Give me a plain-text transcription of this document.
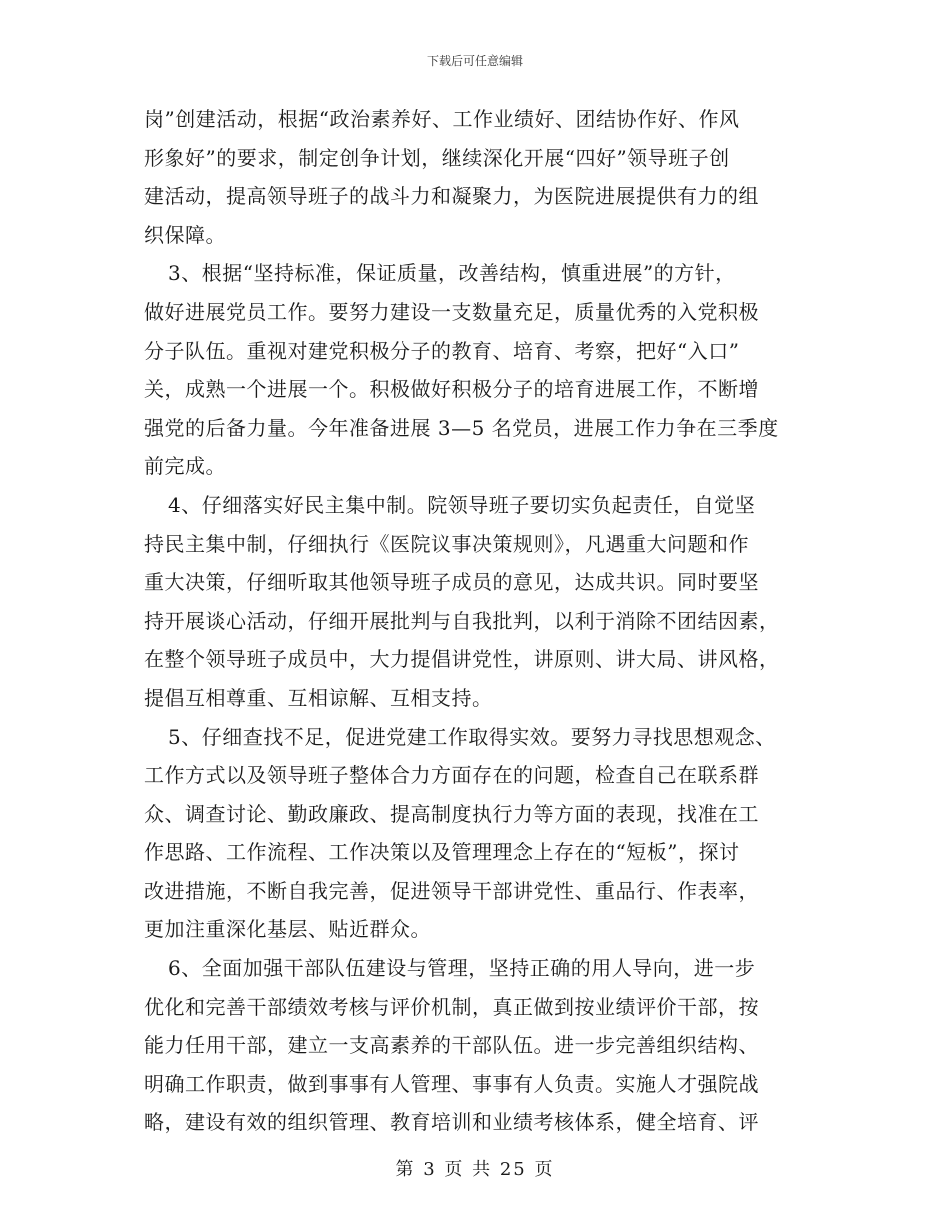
下载后可任意编辑
岗”创建活动，根据“政治素养好、工作业绩好、团结协作好、作风
形象好”的要求，制定创争计划，继续深化开展“四好”领导班子创
建活动，提高领导班子的战斗力和凝聚力，为医院进展提供有力的组
织保障。
3、根据“坚持标准，保证质量，改善结构，慎重进展”的方针，
做好进展党员工作。要努力建设一支数量充足，质量优秀的入党积极
分子队伍。重视对建党积极分子的教育、培育、考察，把好“入口”
关，成熟一个进展一个。积极做好积极分子的培育进展工作，不断增
强党的后备力量。今年准备进展 3—5 名党员，进展工作力争在三季度
前完成。
4、仔细落实好民主集中制。院领导班子要切实负起责任，自觉坚
持民主集中制，仔细执行《医院议事决策规则》，凡遇重大问题和作
重大决策，仔细听取其他领导班子成员的意见，达成共识。同时要坚
持开展谈心活动，仔细开展批判与自我批判，以利于消除不团结因素，
在整个领导班子成员中，大力提倡讲党性，讲原则、讲大局、讲风格，
提倡互相尊重、互相谅解、互相支持。
5、仔细查找不足，促进党建工作取得实效。要努力寻找思想观念、
工作方式以及领导班子整体合力方面存在的问题，检查自己在联系群
众、调查讨论、勤政廉政、提高制度执行力等方面的表现，找准在工
作思路、工作流程、工作决策以及管理理念上存在的“短板”，探讨
改进措施，不断自我完善，促进领导干部讲党性、重品行、作表率，
更加注重深化基层、贴近群众。
6、全面加强干部队伍建设与管理，坚持正确的用人导向，进一步
优化和完善干部绩效考核与评价机制，真正做到按业绩评价干部，按
能力任用干部，建立一支高素养的干部队伍。进一步完善组织结构、
明确工作职责，做到事事有人管理、事事有人负责。实施人才强院战
略，建设有效的组织管理、教育培训和业绩考核体系，健全培育、评
第 3 页 共 25 页
